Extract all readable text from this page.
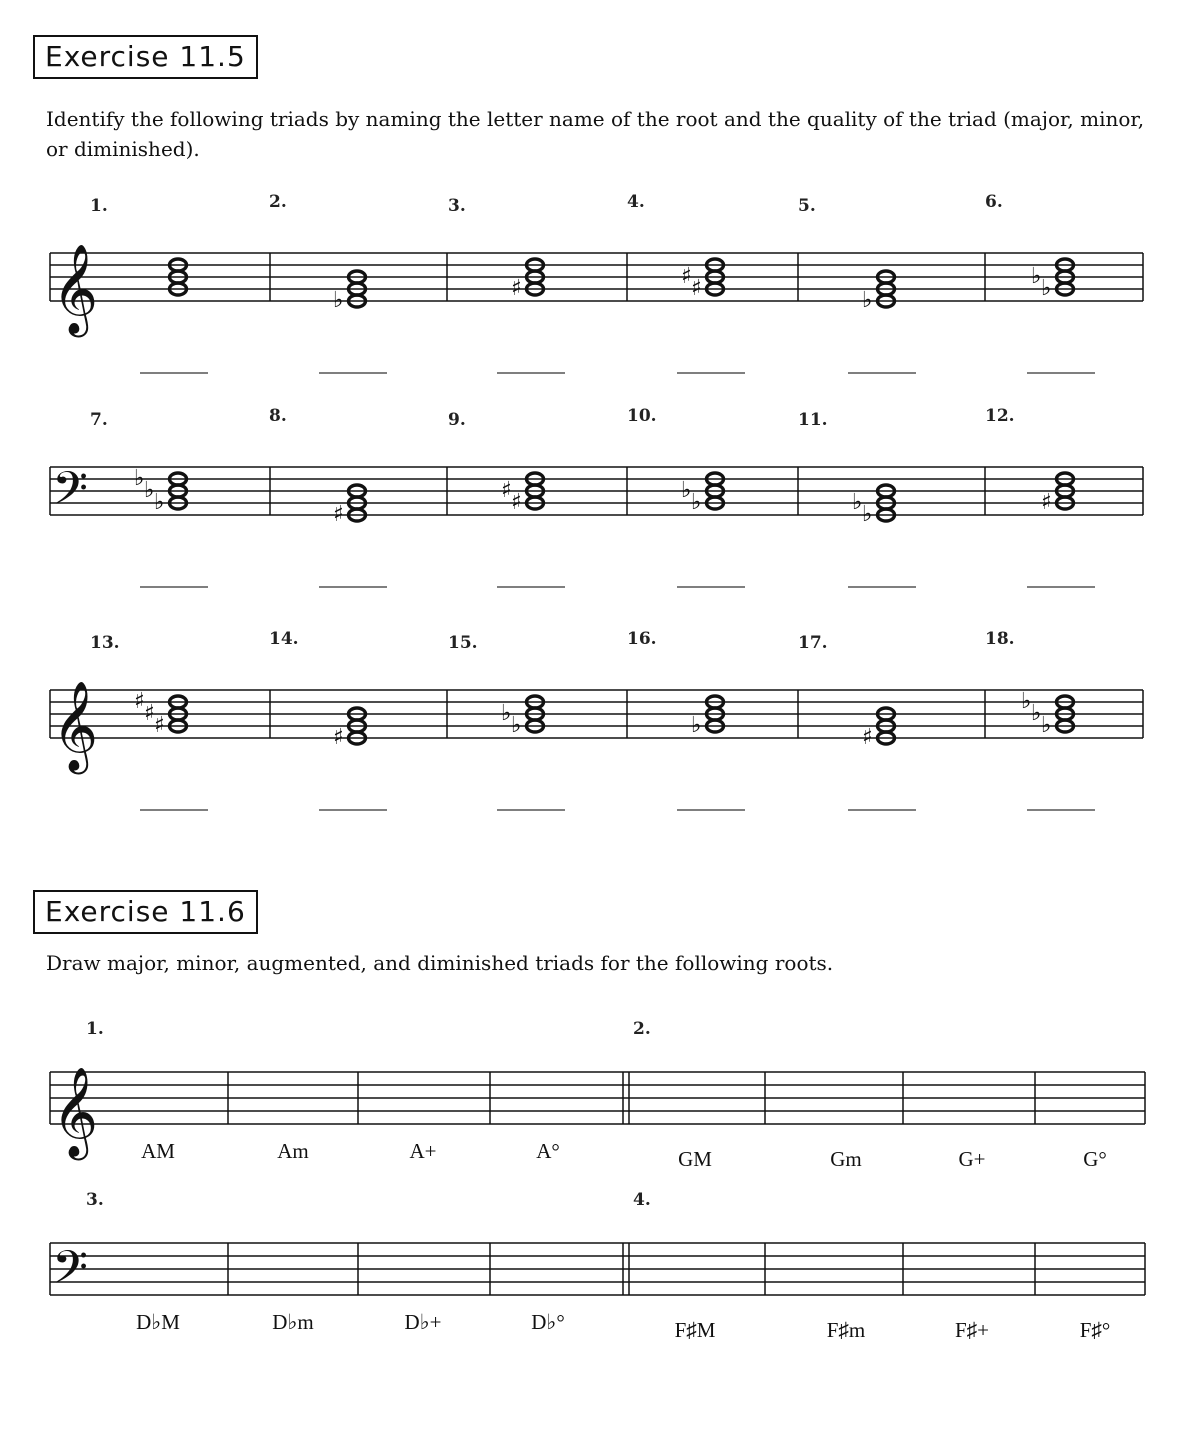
Exercise 11.5
Identify the following triads by naming the letter name of the root and the quality of the triad (major, minor, or diminished).
Exercise 11.6
Draw major, minor, augmented, and diminished triads for the following roots.
𝄞
1.	2.
♭
3.
♯
4.
♯
♯
5.
♭
6.
♭
♭
𝄢
7.
♭
♭
♭
8.
♯
9.
♯
♯
10.
♭
♭
11.
♭
♭
12.
♯
𝄞
13.
♯
♯
♯
14.
♯
15.
♭
♭
16.
♭
17.
♯
18.
♭
♭
♭
𝄞
1.	2.
AM	Am	A+	A°	GM	Gm	G+	G°
𝄢
3.	4.
D♭M	D♭m	D♭+	D♭°	F♯M	F♯m	F♯+	F♯°
